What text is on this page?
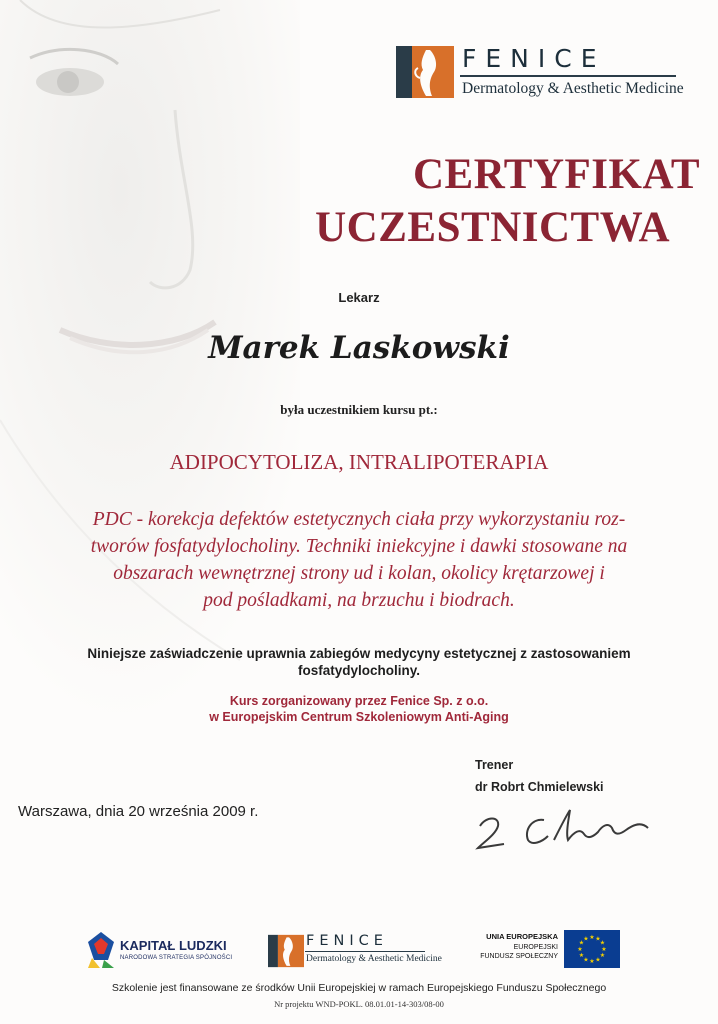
FENICE
Dermatology & Aesthetic Medicine
CERTYFIKAT
UCZESTNICTWA
Lekarz
Marek Laskowski
była uczestnikiem kursu pt.:
ADIPOCYTOLIZA, INTRALIPOTERAPIA

PDC - korekcja defektów estetycznych ciała przy wykorzystaniu roz-
tworów fosfatydylocholiny. Techniki iniekcyjne i dawki stosowane na
obszarach wewnętrznej strony ud i kolan, okolicy krętarzowej i
pod pośladkami, na brzuchu i biodrach.

Niniejsze zaświadczenie uprawnia zabiegów medycyny estetycznej z zastosowaniem
fosfatydylocholiny.
Kurs zorganizowany przez Fenice Sp. z o.o.
w Europejskim Centrum Szkoleniowym Anti-Aging
Trener
dr Robrt Chmielewski
Warszawa, dnia 20 września 2009 r.
KAPITAŁ LUDZKI
NARODOWA STRATEGIA SPÓJNOŚCI
FENICE
Dermatology & Aesthetic Medicine
UNIA EUROPEJSKA
EUROPEJSKI
FUNDUSZ SPOŁECZNY
★ ★
★
★
★
★
★
★
★
★
★
★
Szkolenie jest finansowane ze środków Unii Europejskiej w ramach Europejskiego Funduszu Społecznego
Nr projektu WND-POKL. 08.01.01-14-303/08-00
